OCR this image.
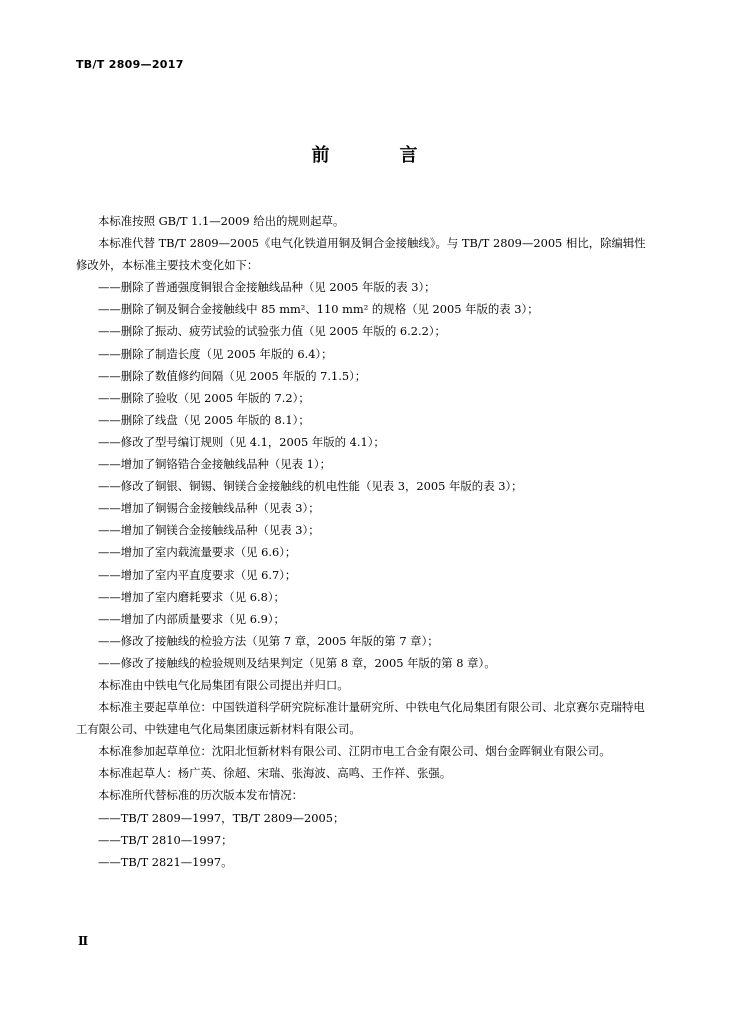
TB/T 2809—2017
前　言

本标准按照 GB/T 1.1—2009 给出的规则起草。

本标准代替 TB/T 2809—2005《电气化铁道用铜及铜合金接触线》。与 TB/T 2809—2005 相比，除编辑性修改外，本标准主要技术变化如下：

——删除了普通强度铜银合金接触线品种（见 2005 年版的表 3）；

——删除了铜及铜合金接触线中 85 mm²、110 mm² 的规格（见 2005 年版的表 3）；

——删除了振动、疲劳试验的试验张力值（见 2005 年版的 6.2.2）；

——删除了制造长度（见 2005 年版的 6.4）；

——删除了数值修约间隔（见 2005 年版的 7.1.5）；

——删除了验收（见 2005 年版的 7.2）；

——删除了线盘（见 2005 年版的 8.1）；

——修改了型号编订规则（见 4.1，2005 年版的 4.1）；

——增加了铜铬锆合金接触线品种（见表 1）；

——修改了铜银、铜锡、铜镁合金接触线的机电性能（见表 3，2005 年版的表 3）；

——增加了铜锡合金接触线品种（见表 3）；

——增加了铜镁合金接触线品种（见表 3）；

——增加了室内载流量要求（见 6.6）；

——增加了室内平直度要求（见 6.7）；

——增加了室内磨耗要求（见 6.8）；

——增加了内部质量要求（见 6.9）；

——修改了接触线的检验方法（见第 7 章，2005 年版的第 7 章）；

——修改了接触线的检验规则及结果判定（见第 8 章，2005 年版的第 8 章）。

本标准由中铁电气化局集团有限公司提出并归口。

本标准主要起草单位：中国铁道科学研究院标准计量研究所、中铁电气化局集团有限公司、北京赛尔克瑞特电工有限公司、中铁建电气化局集团康远新材料有限公司。

本标准参加起草单位：沈阳北恒新材料有限公司、江阴市电工合金有限公司、烟台金晖铜业有限公司。

本标准起草人：杨广英、徐超、宋瑞、张海波、高鸣、王作祥、张强。

本标准所代替标准的历次版本发布情况：

——TB/T 2809—1997，TB/T 2809—2005；

——TB/T 2810—1997；

——TB/T 2821—1997。

Ⅱ
